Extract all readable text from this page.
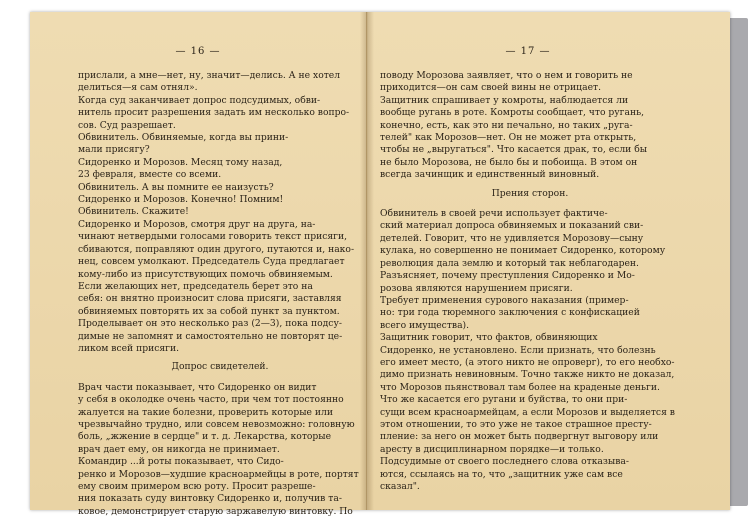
— 16 —
прислали, а мне—нет, ну, значит—делись. А не хотел
делиться—я сам отнял».
Когда суд заканчивает допрос подсудимых, обви-
нитель просит разрешения задать им несколько вопро-
сов. Суд разрешает.
Обвинитель. Обвиняемые, когда вы прини-
мали присягу?
Сидоренко и Морозов. Месяц тому назад,
23 февраля, вместе со всеми.
Обвинитель. А вы помните ее наизусть?
Сидоренко и Морозов. Конечно! Помним!
Обвинитель. Скажите!
Сидоренко и Морозов, смотря друг на друга, на-
чинают нетвердыми голосами говорить текст присяги,
сбиваются, поправляют один другого, путаются и, нако-
нец, совсем умолкают. Председатель Суда предлагает
кому-либо из присутствующих помочь обвиняемым.
Если желающих нет, председатель берет это на
себя: он внятно произносит слова присяги, заставляя
обвиняемых повторять их за собой пункт за пунктом.
Проделывает он это несколько раз (2—3), пока подсу-
димые не запомнят и самостоятельно не повторят це-
ликом всей присяги.
Допрос свидетелей.
Врач части показывает, что Сидоренко он видит
у себя в околодке очень часто, при чем тот постоянно
жалуется на такие болезни, проверить которые или
чрезвычайно трудно, или совсем невозможно: головную
боль, „жжение в сердце" и т. д. Лекарства, которые
врач дает ему, он никогда не принимает.
Командир ...й роты показывает, что Сидо-
ренко и Морозов—худшие красноармейцы в роте, портят
ему своим примером всю роту. Просит разреше-
ния показать суду винтовку Сидоренко и, получив та-
ковое, демонстрирует старую заржавелую винтовку. По
— 17 —
поводу Морозова заявляет, что о нем и говорить не
приходится—он сам своей вины не отрицает.
Защитник спрашивает у комроты, наблюдается ли
вообще ругань в роте. Комроты сообщает, что ругань,
конечно, есть, как это ни печально, но таких „руга-
телей" как Морозов—нет. Он не может рта открыть,
чтобы не „выругаться". Что касается драк, то, если бы
не было Морозова, не было бы и побоища. В этом он
всегда зачинщик и единственный виновный.
Прения сторон.
Обвинитель в своей речи использует фактиче-
ский материал допроса обвиняемых и показаний сви-
детелей. Говорит, что не удивляется Морозову—сыну
кулака, но совершенно не понимает Сидоренко, которому
революция дала землю и который так неблагодарен.
Разъясняет, почему преступления Сидоренко и Мо-
розова являются нарушением присяги.
Требует применения сурового наказания (пример-
но: три года тюремного заключения с конфискацией
всего имущества).
Защитник говорит, что фактов, обвиняющих
Сидоренко, не установлено. Если признать, что болезнь
его имеет место, (а этого никто не опроверг), то его необхо-
димо признать невиновным. Точно также никто не доказал,
что Морозов пьянствовал там более на краденые деньги.
Что же касается его ругани и буйства, то они при-
сущи всем красноармейцам, а если Морозов и выделяется в
этом отношении, то это уже не такое страшное престу-
пление: за него он может быть подвергнут выговору или
аресту в дисциплинарном порядке—и только.
Подсудимые от своего последнего слова отказыва-
ются, ссылаясь на то, что „защитник уже сам все
сказал".
